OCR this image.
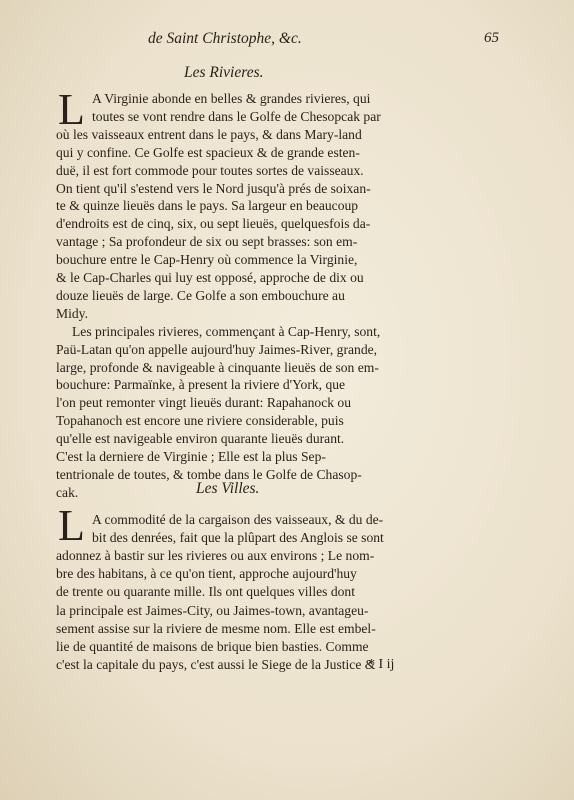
de Saint Christophe, &c.	65
Les Rivieres.
L A Virginie abonde en belles & grandes rivieres, qui
toutes se vont rendre dans le Golfe de Chesopcak par
où les vaisseaux entrent dans le pays, & dans Mary-land
qui y confine. Ce Golfe est spacieux & de grande esten-
duë, il est fort commode pour toutes sortes de vaisseaux.
On tient qu'il s'estend vers le Nord jusqu'à prés de soixan-
te & quinze lieuës dans le pays. Sa largeur en beaucoup
d'endroits est de cinq, six, ou sept lieuës, quelquesfois da-
vantage ; Sa profondeur de six ou sept brasses: son em-
bouchure entre le Cap-Henry où commence la Virginie,
& le Cap-Charles qui luy est opposé, approche de dix ou
douze lieuës de large. Ce Golfe a son embouchure au
Midy.
Les principales rivieres, commençant à Cap-Henry, sont,
Paü-Latan qu'on appelle aujourd'huy Jaimes-River, grande,
large, profonde & navigeable à cinquante lieuës de son em-
bouchure: Parmaïnke, à present la riviere d'York, que
l'on peut remonter vingt lieuës durant: Rapahanock ou
Topahanoch est encore une riviere considerable, puis
qu'elle est navigeable environ quarante lieuës durant.
C'est la derniere de Virginie ; Elle est la plus Sep-
tentrionale de toutes, & tombe dans le Golfe de Chasop-
cak.	Les Villes.
L A commodité de la cargaison des vaisseaux, & du de-
bit des denrées, fait que la plûpart des Anglois se sont
adonnez à bastir sur les rivieres ou aux environs ; Le nom-
bre des habitans, à ce qu'on tient, approche aujourd'huy
de trente ou quarante mille. Ils ont quelques villes dont
la principale est Jaimes-City, ou Jaimes-town, avantageu-
sement assise sur la riviere de mesme nom. Elle est embel-
lie de quantité de maisons de brique bien basties. Comme
c'est la capitale du pays, c'est aussi le Siege de la Justice &
* I ij
